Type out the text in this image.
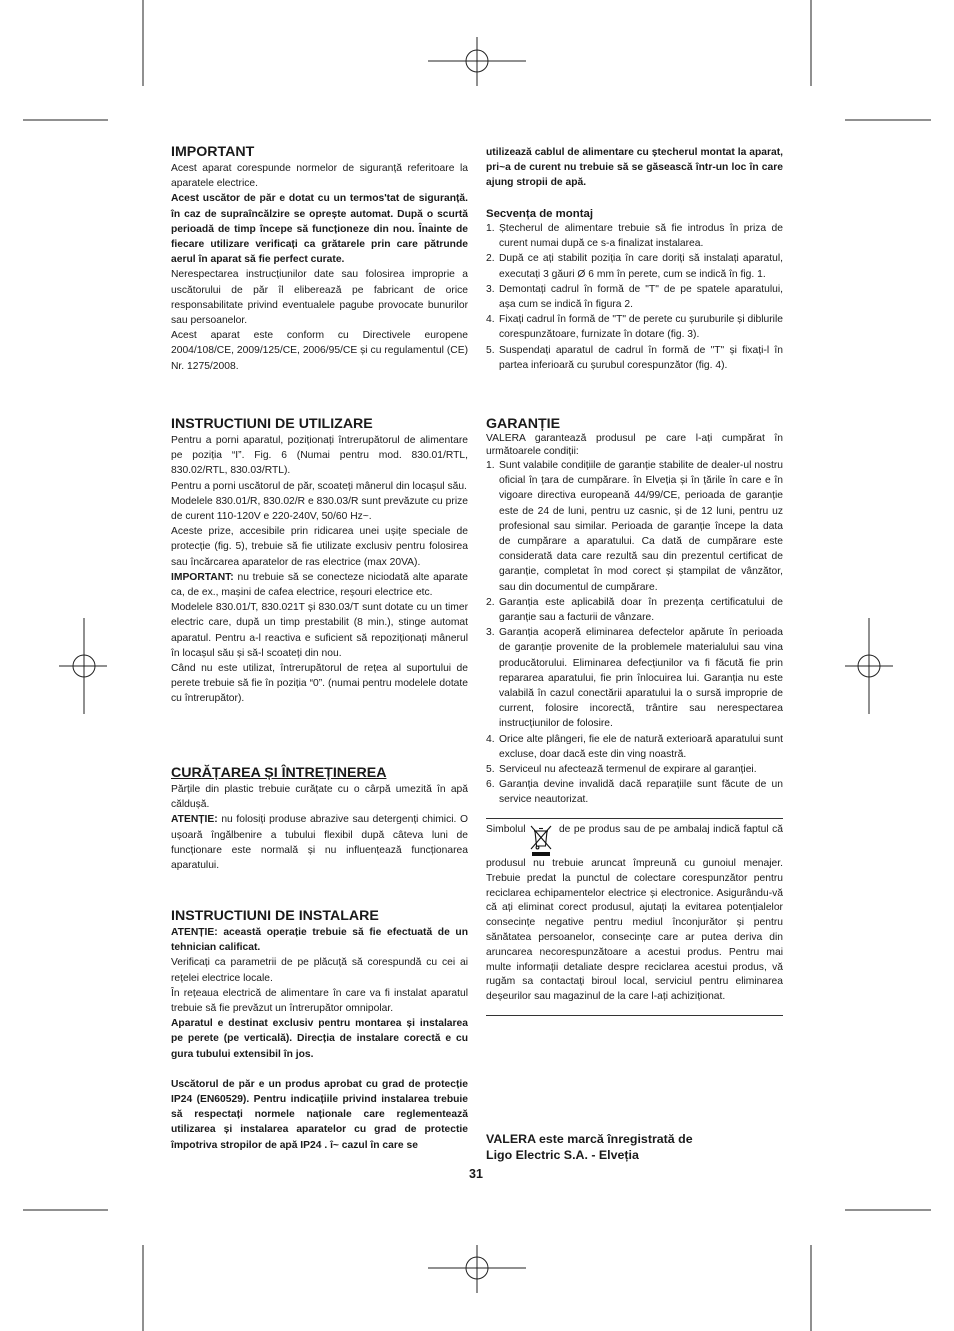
IMPORTANT

Acest aparat corespunde normelor de siguranță referitoare la aparatele electrice.

Acest uscător de păr e dotat cu un termos'tat de siguranță. în caz de supraîncălzire se oprește automat. După o scurtă perioadă de timp începe să funcționeze din nou. Înainte de fiecare utilizare verificați ca grătarele prin care pătrunde aerul în aparat să fie perfect curate.

Nerespectarea instrucțiunilor date sau folosirea improprie a uscătorului de păr îl eliberează pe fabricant de orice responsabilitate privind eventualele pagube provocate bunurilor sau persoanelor.

Acest aparat este conform cu Directivele europene 2004/108/CE, 2009/125/CE, 2006/95/CE și cu regulamentul (CE) Nr. 1275/2008.

INSTRUCTIUNI DE UTILIZARE

Pentru a porni aparatul, poziționați întrerupătorul de alimentare pe poziția “I”. Fig. 6 (Numai pentru mod. 830.01/RTL, 830.02/RTL, 830.03/RTL).

Pentru a porni uscătorul de păr, scoateți mânerul din locașul său.

Modelele 830.01/R, 830.02/R e 830.03/R sunt prevăzute cu prize de curent 110-120V e 220-240V, 50/60 Hz~.

Aceste prize, accesibile prin ridicarea unei ușițe speciale de protecție (fig. 5), trebuie să fie utilizate exclusiv pentru folosirea sau încărcarea aparatelor de ras electrice (max 20VA).

IMPORTANT: nu trebuie să se conecteze niciodată alte aparate ca, de ex., mașini de cafea electrice, reșouri electrice etc.

Modelele 830.01/T, 830.021T și 830.03/T sunt dotate cu un timer electric care, după un timp prestabilit (8 min.), stinge automat aparatul. Pentru a-l reactiva e suficient să repoziționați mânerul în locașul său și să-l scoateți din nou.

Când nu este utilizat, întrerupătorul de rețea al suportului de perete trebuie să fie în poziția “0”. (numai pentru modelele dotate cu întrerupător).

CURĂȚAREA ȘI ÎNTREȚINEREA

Părțile din plastic trebuie curățate cu o cârpă umezită în apă căldușă.

ATENȚIE: nu folosiți produse abrazive sau detergenți chimici. O ușoară îngălbenire a tubului flexibil după câteva luni de funcționare este normală și nu influențează funcționarea aparatului.

INSTRUCTIUNI DE INSTALARE

ATENȚIE: această operație trebuie să fie efectuată de un tehnician calificat.

Verificați ca parametrii de pe plăcuță să corespundă cu cei ai rețelei electrice locale.

În rețeaua electrică de alimentare în care va fi instalat aparatul trebuie să fie prevăzut un întrerupător omnipolar.

Aparatul e destinat exclusiv pentru montarea și instalarea pe perete (pe verticală). Direcția de instalare corectă e cu gura tubului extensibil în jos.

Uscătorul de păr e un produs aprobat cu grad de protecție IP24 (EN60529). Pentru indicațiile privind instalarea trebuie să respectați normele naționale care reglementează utilizarea și instalarea aparatelor cu grad de protectie împotriva stropilor de apă IP24 . î~ cazul în care se

utilizează cablul de alimentare cu ștecherul montat la aparat, pri~a de curent nu trebuie să se găsească într-un loc în care ajung stropii de apă.

Secvența de montaj
1. Ștecherul de alimentare trebuie să fie introdus în priza de curent numai după ce s-a finalizat instalarea.
2. După ce ați stabilit poziția în care doriți să instalați aparatul, executați 3 găuri Ø 6 mm în perete, cum se indică în fig. 1.
3. Demontați cadrul în formă de "T" de pe spatele aparatului, așa cum se indică în figura 2.
4. Fixați cadrul în formă de "T" de perete cu șuruburile și diblurile corespunzătoare, furnizate în dotare (fig. 3).
5. Suspendați aparatul de cadrul în formă de "T" și fixați-l în partea inferioară cu șurubul corespunzător (fig. 4).
GARANȚIE

VALERA garantează produsul pe care l-ați cumpărat în următoarele condiții:

1. Sunt valabile condițiile de garanție stabilite de dealer-ul nostru oficial în țara de cumpărare. în Elveția și în țările în care e în vigoare directiva europeană 44/99/CE, perioada de garanție este de 24 de luni, pentru uz casnic, și de 12 luni, pentru uz profesional sau similar. Perioada de garanție începe la data de cumpărare a aparatului. Ca dată de cumpărare este considerată data care rezultă sau din prezentul certificat de garanție, completat în mod corect și ștampilat de vânzător, sau din documentul de cumpărare.
2. Garanția este aplicabilă doar în prezența certificatului de garanție sau a facturii de vânzare.
3. Garanția acoperă eliminarea defectelor apărute în perioada de garanție provenite de la problemele materialului sau vina producătorului. Eliminarea defecțiunilor va fi făcută fie prin repararea aparatului, fie prin înlocuirea lui. Garanția nu este valabilă în cazul conectării aparatului la o sursă improprie de current, folosire incorectă, trântire sau nerespectarea instrucțiunilor de folosire.
4. Orice alte plângeri, fie ele de natură exterioară aparatului sunt excluse, doar dacă este din ving noastră.
5. Serviceul nu afectează termenul de expirare al garanției.
6. Garanția devine invalidă dacă reparațiile sunt făcute de un service neautorizat.

Simbolul	de pe produs sau de pe ambalaj indică faptul că produsul nu trebuie aruncat împreună cu gunoiul menajer. Trebuie predat la punctul de colectare corespunzător pentru reciclarea echipamentelor electrice și electronice. Asigurându-vă că ați eliminat corect produsul, ajutați la evitarea potențialelor consecințe negative pentru mediul înconjurător și pentru sănătatea persoanelor, consecințe care ar putea deriva din aruncarea necorespunzătoare a acestui produs. Pentru mai multe informații detaliate despre reciclarea acestui produs, vă rugăm sa contactați biroul local, serviciul pentru eliminarea deșeurilor sau magazinul de la care l-ați achiziționat.

VALERA este marcă înregistrată de
Ligo Electric S.A. - Elveția
31
